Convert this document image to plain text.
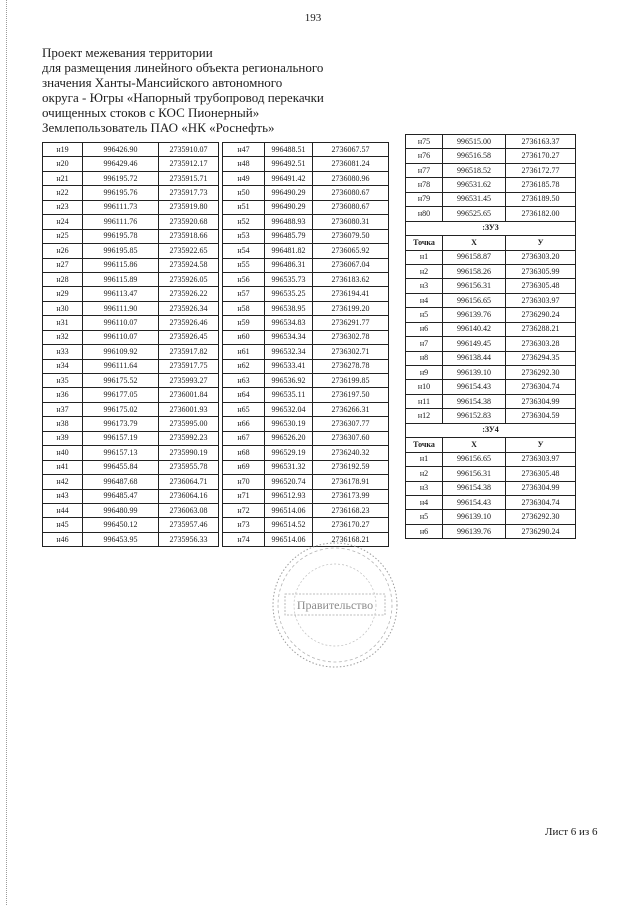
193
Проект межевания территории
для размещения линейного объекта регионального
значения Ханты-Мансийского автономного
округа - Югры «Напорный трубопровод перекачки
очищенных стоков с КОС Пионерный»
Землепользователь ПАО «НК «Роснефть»
н19	996426.90	2735910.07
н20	996429.46	2735912.17
н21	996195.72	2735915.71
н22	996195.76	2735917.73
н23	996111.73	2735919.80
н24	996111.76	2735920.68
н25	996195.78	2735918.66
н26	996195.85	2735922.65
н27	996115.86	2735924.58
н28	996115.89	2735926.05
н29	996113.47	2735926.22
н30	996111.90	2735926.34
н31	996110.07	2735926.46
н32	996110.07	2735926.45
н33	996109.92	2735917.82
н34	996111.64	2735917.75
н35	996175.52	2735993.27
н36	996177.05	2736001.84
н37	996175.02	2736001.93
н38	996173.79	2735995.00
н39	996157.19	2735992.23
н40	996157.13	2735990.19
н41	996455.84	2735955.78
н42	996487.68	2736064.71
н43	996485.47	2736064.16
н44	996480.99	2736063.08
н45	996450.12	2735957.46
н46	996453.95	2735956.33
н47	996488.51	2736067.57
н48	996492.51	2736081.24
н49	996491.42	2736080.96
н50	996490.29	2736080.67
н51	996490.29	2736080.67
н52	996488.93	2736080.31
н53	996485.79	2736079.50
н54	996481.82	2736065.92
н55	996486.31	2736067.04
н56	996535.73	2736183.62
н57	996535.25	2736194.41
н58	996538.95	2736199.20
н59	996534.83	2736291.77
н60	996534.34	2736302.78
н61	996532.34	2736302.71
н62	996533.41	2736278.78
н63	996536.92	2736199.85
н64	996535.11	2736197.50
н65	996532.04	2736266.31
н66	996530.19	2736307.77
н67	996526.20	2736307.60
н68	996529.19	2736240.32
н69	996531.32	2736192.59
н70	996520.74	2736178.91
н71	996512.93	2736173.99
н72	996514.06	2736168.23
н73	996514.52	2736170.27
н74	996514.06	2736168.21
н75	996515.00	2736163.37
н76	996516.58	2736170.27
н77	996518.52	2736172.77
н78	996531.62	2736185.78
н79	996531.45	2736189.50
н80	996525.65	2736182.00
:ЗУ3		
Точка	X	У
н1	996158.87	2736303.20
н2	996158.26	2736305.99
н3	996156.31	2736305.48
н4	996156.65	2736303.97
н5	996139.76	2736290.24
н6	996140.42	2736288.21
н7	996149.45	2736303.28
н8	996138.44	2736294.35
н9	996139.10	2736292.30
н10	996154.43	2736304.74
н11	996154.38	2736304.99
н12	996152.83	2736304.59
:ЗУ4		
Точка	X	У
н1	996156.65	2736303.97
н2	996156.31	2736305.48
н3	996154.38	2736304.99
н4	996154.43	2736304.74
н5	996139.10	2736292.30
н6	996139.76	2736290.24
Правительство
Лист 6 из 6
